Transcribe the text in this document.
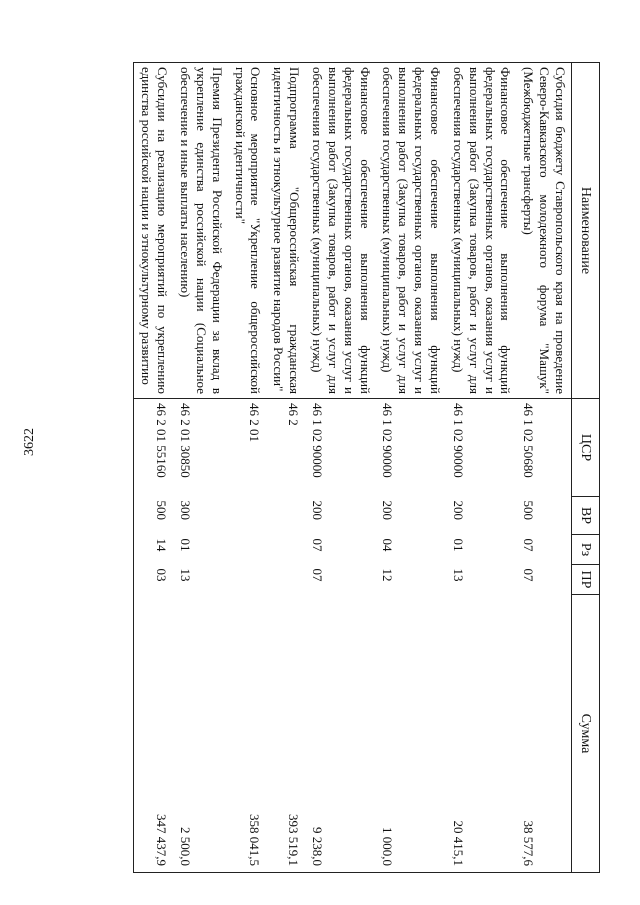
3622
Наименование	ЦСР	ВР	Рз	ПР	Сумма
Субсидия бюджету Ставропольского края на проведение Северо-Кавказского молодежного форума "Машук" (Межбюджетные трансферты)	46 1 02 50680	500	07	07	38 577,6
Финансовое обеспечение выполнения функций федеральных государственных органов, оказания услуг и выполнения работ (Закупка товаров, работ и услуг для обеспечения государственных (муниципальных) нужд)	46 1 02 90000	200	01	13	20 415,1
Финансовое обеспечение выполнения функций федеральных государственных органов, оказания услуг и выполнения работ (Закупка товаров, работ и услуг для обеспечения государственных (муниципальных) нужд)	46 1 02 90000	200	04	12	1 000,0
Финансовое обеспечение выполнения функций федеральных государственных органов, оказания услуг и выполнения работ (Закупка товаров, работ и услуг для обеспечения государственных (муниципальных) нужд)	46 1 02 90000	200	07	07	9 238,0
Подпрограмма "Общероссийская гражданская идентичность и этнокультурное развитие народов России"	46 2				393 519,1
Основное мероприятие "Укрепление общероссийской гражданской идентичности"	46 2 01				358 041,5
Премия Президента Российской Федерации за вклад в укрепление единства российской нации (Социальное обеспечение и иные выплаты населению)	46 2 01 30850	300	01	13	2 500,0
Субсидии на реализацию мероприятий по укреплению единства российской нации и этнокультурному развитию	46 2 01 55160	500	14	03	347 437,9
